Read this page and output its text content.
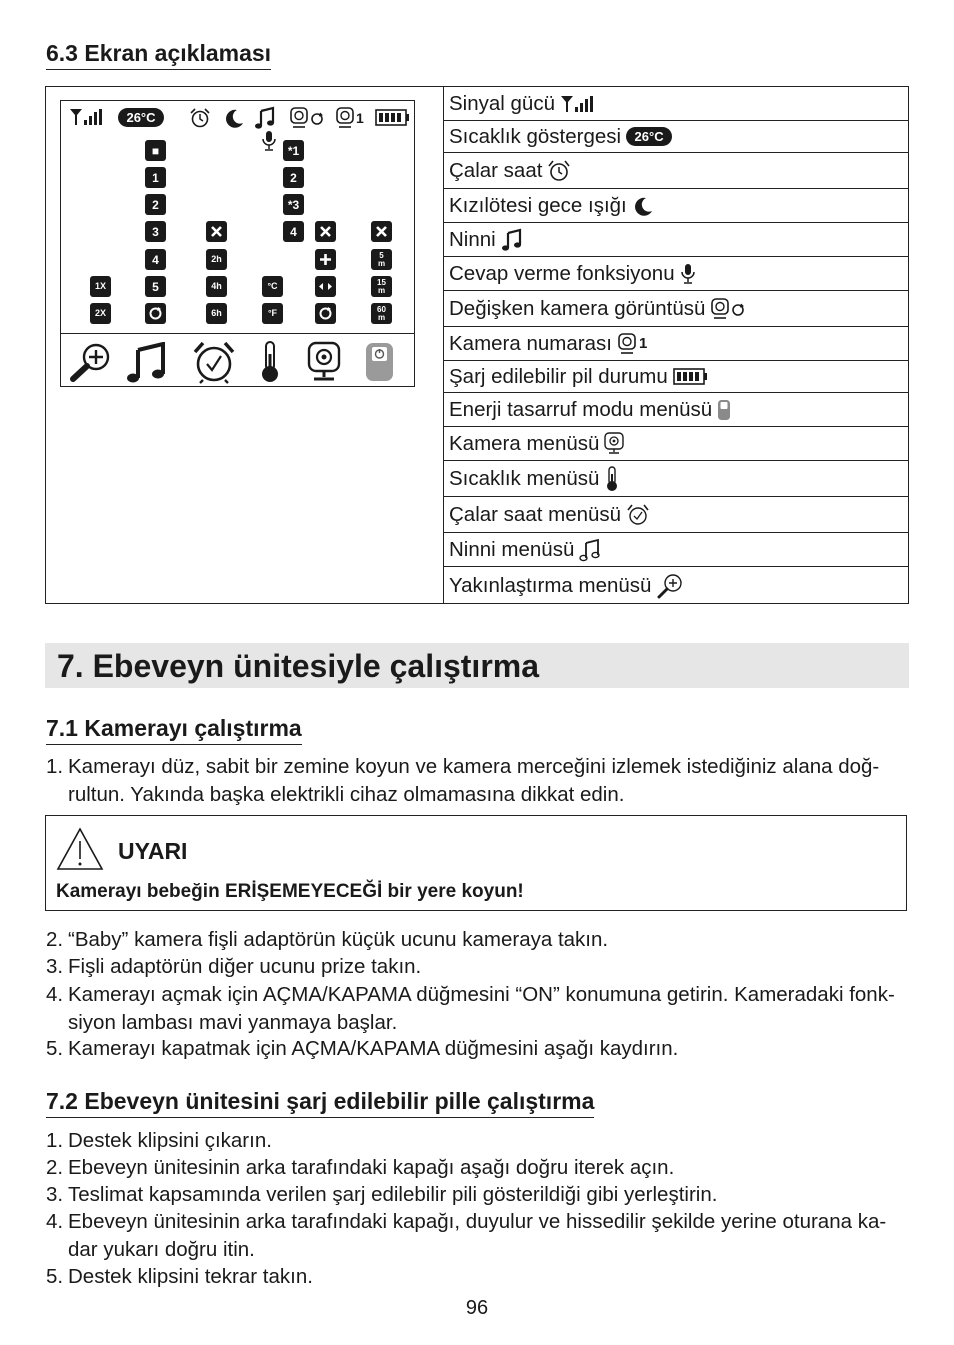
6.3 Ekran açıklaması
26°C	1
1X
2X
■
1
2
3
4
5
2h
4h
6h
°C
°F
*1
2
*3
4
5
m
15
m
60
m
Sinyal gücü
Sıcaklık göstergesi	26°C
Çalar saat
Kızılötesi gece ışığı
Ninni
Cevap verme fonksiyonu
Değişken kamera görüntüsü
Kamera numarası 1
Şarj edilebilir pil durumu
Enerji tasarruf modu menüsü
Kamera menüsü
Sıcaklık menüsü
Çalar saat menüsü
Ninni menüsü
Yakınlaştırma menüsü
7. Ebeveyn ünitesiyle çalıştırma
7.1 Kamerayı çalıştırma
1. Kamerayı düz, sabit bir zemine koyun ve kamera merceğini izlemek istediğiniz alana doğ-
rultun. Yakında başka elektrikli cihaz olmamasına dikkat edin.
UYARI
Kamerayı bebeğin ERİŞEMEYECEĞİ bir yere koyun!
2. “Baby” kamera fişli adaptörün küçük ucunu kameraya takın.
3. Fişli adaptörün diğer ucunu prize takın.
4. Kamerayı açmak için AÇMA/KAPAMA düğmesini “ON” konumuna getirin. Kameradaki fonk-
siyon lambası mavi yanmaya başlar.
5. Kamerayı kapatmak için AÇMA/KAPAMA düğmesini aşağı kaydırın.
7.2 Ebeveyn ünitesini şarj edilebilir pille çalıştırma
1. Destek klipsini çıkarın.
2. Ebeveyn ünitesinin arka tarafındaki kapağı aşağı doğru iterek açın.
3. Teslimat kapsamında verilen şarj edilebilir pili gösterildiği gibi yerleştirin.
4. Ebeveyn ünitesinin arka tarafındaki kapağı, duyulur ve hissedilir şekilde yerine oturana ka-
dar yukarı doğru itin.
5. Destek klipsini tekrar takın.
96
